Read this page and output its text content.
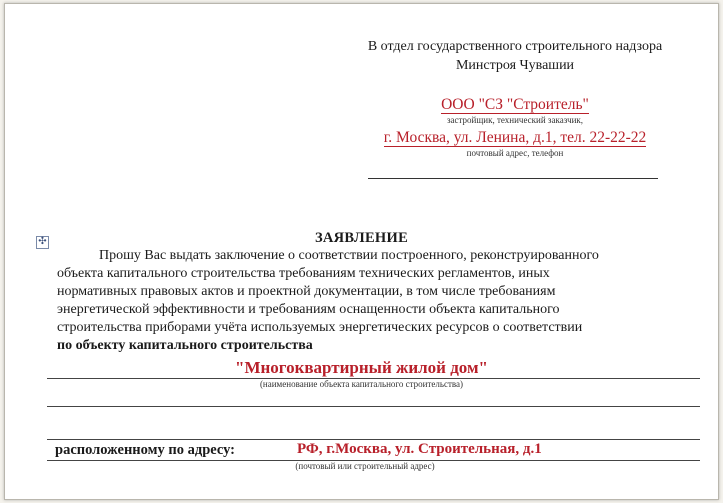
В отдел государственного строительного надзора
Минстроя Чувашии
ООО "СЗ "Строитель"
застройщик, технический заказчик,
г. Москва, ул. Ленина, д.1, тел. 22-22-22
почтовый адрес, телефон
✣	ЗАЯВЛЕНИЕ
Прошу Вас выдать заключение о соответствии построенного, реконструированного
объекта капитального строительства требованиям технических регламентов, иных
нормативных правовых актов и проектной документации, в том числе требованиям
энергетической эффективности и требованиям оснащенности объекта капитального
строительства приборами учёта используемых энергетических ресурсов о соответствии
по объекту капитального строительства
"Многоквартирный жилой дом"
(наименование объекта капитального строительства)
расположенному по адресу:	РФ, г.Москва, ул. Строительная, д.1
(почтовый или строительный адрес)
